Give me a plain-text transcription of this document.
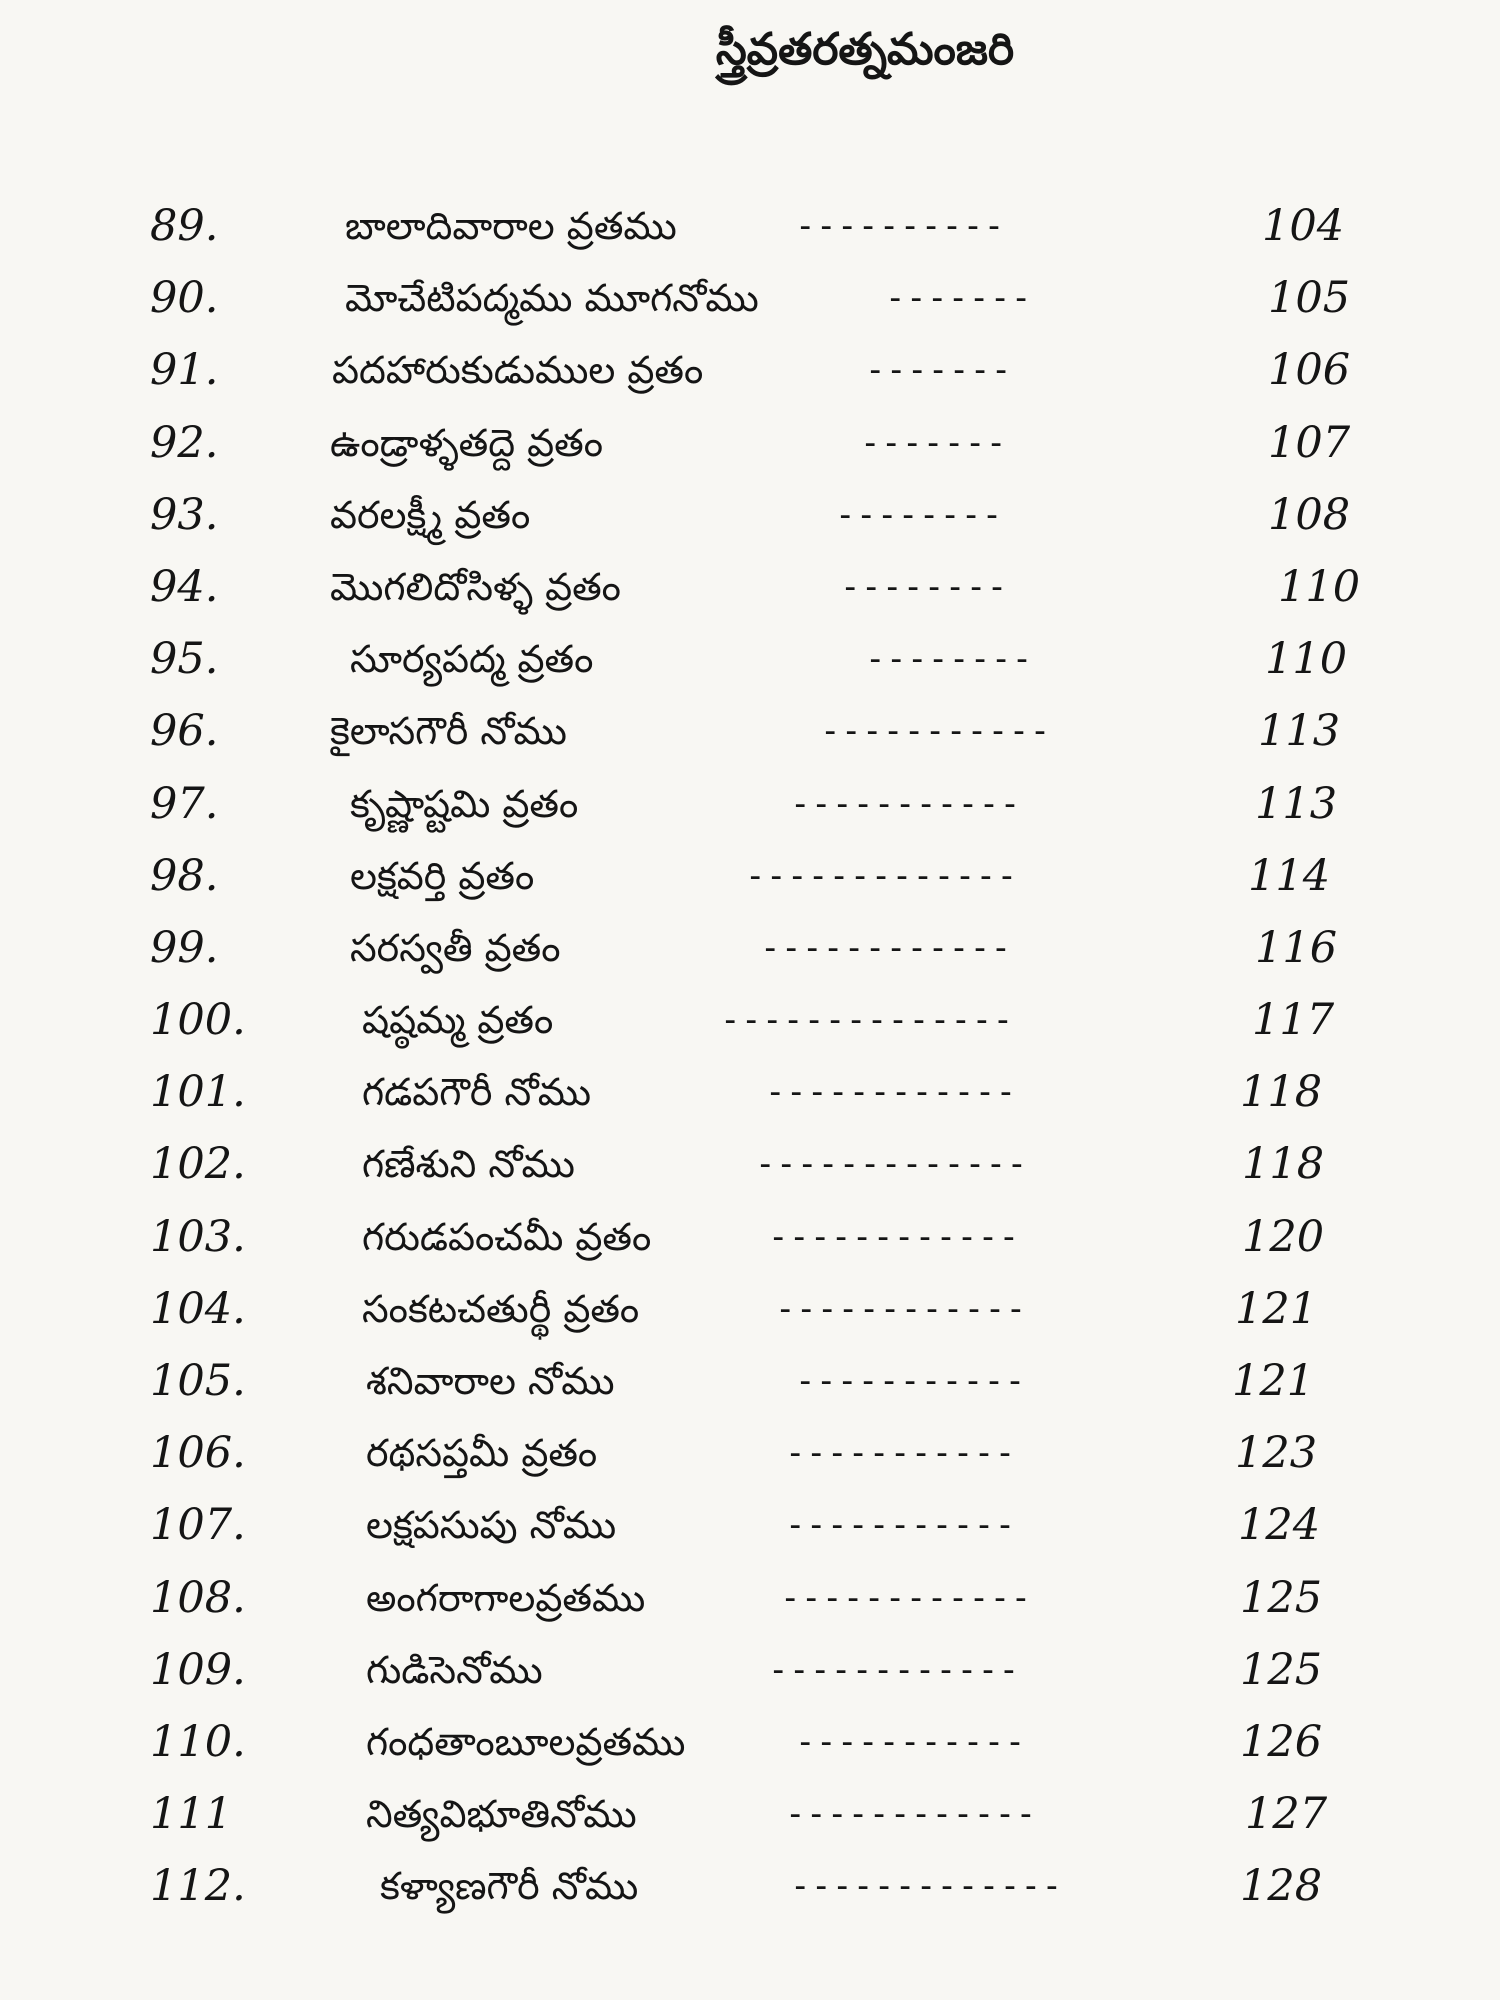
స్త్రీవ్రతరత్నమంజరి
89.	బాలాదివారాల వ్రతము	----------	104
90.	మోచేటిపద్మము మూగనోము	-------	105
91.	పదహారుకుడుముల వ్రతం	-------	106
92.	ఉండ్రాళ్ళతద్దె వ్రతం	-------	107
93.	వరలక్ష్మీ వ్రతం	--------	108
94.	మొగలిదోసిళ్ళ వ్రతం	--------	110
95.	సూర్యపద్మ వ్రతం	--------	110
96.	కైలాసగౌరీ నోము	-----------	113
97.	కృష్ణాష్టమి వ్రతం	-----------	113
98.	లక్షవర్తి వ్రతం	-------------	114
99.	సరస్వతీ వ్రతం	------------	116
100.	షష్ఠమ్మ వ్రతం	--------------	117
101.	గడపగౌరీ నోము	------------	118
102.	గణేశుని నోము	-------------	118
103.	గరుడపంచమీ వ్రతం	------------	120
104.	సంకటచతుర్థీ వ్రతం	------------	121
105.	శనివారాల నోము	-----------	121
106.	రథసప్తమీ వ్రతం	-----------	123
107.	లక్షపసుపు నోము	-----------	124
108.	అంగరాగాలవ్రతము	------------	125
109.	గుడిసెనోము	------------	125
110.	గంధతాంబూలవ్రతము	-----------	126
111	నిత్యవిభూతినోము	------------	127
112.	కళ్యాణగౌరీ నోము	-------------	128
